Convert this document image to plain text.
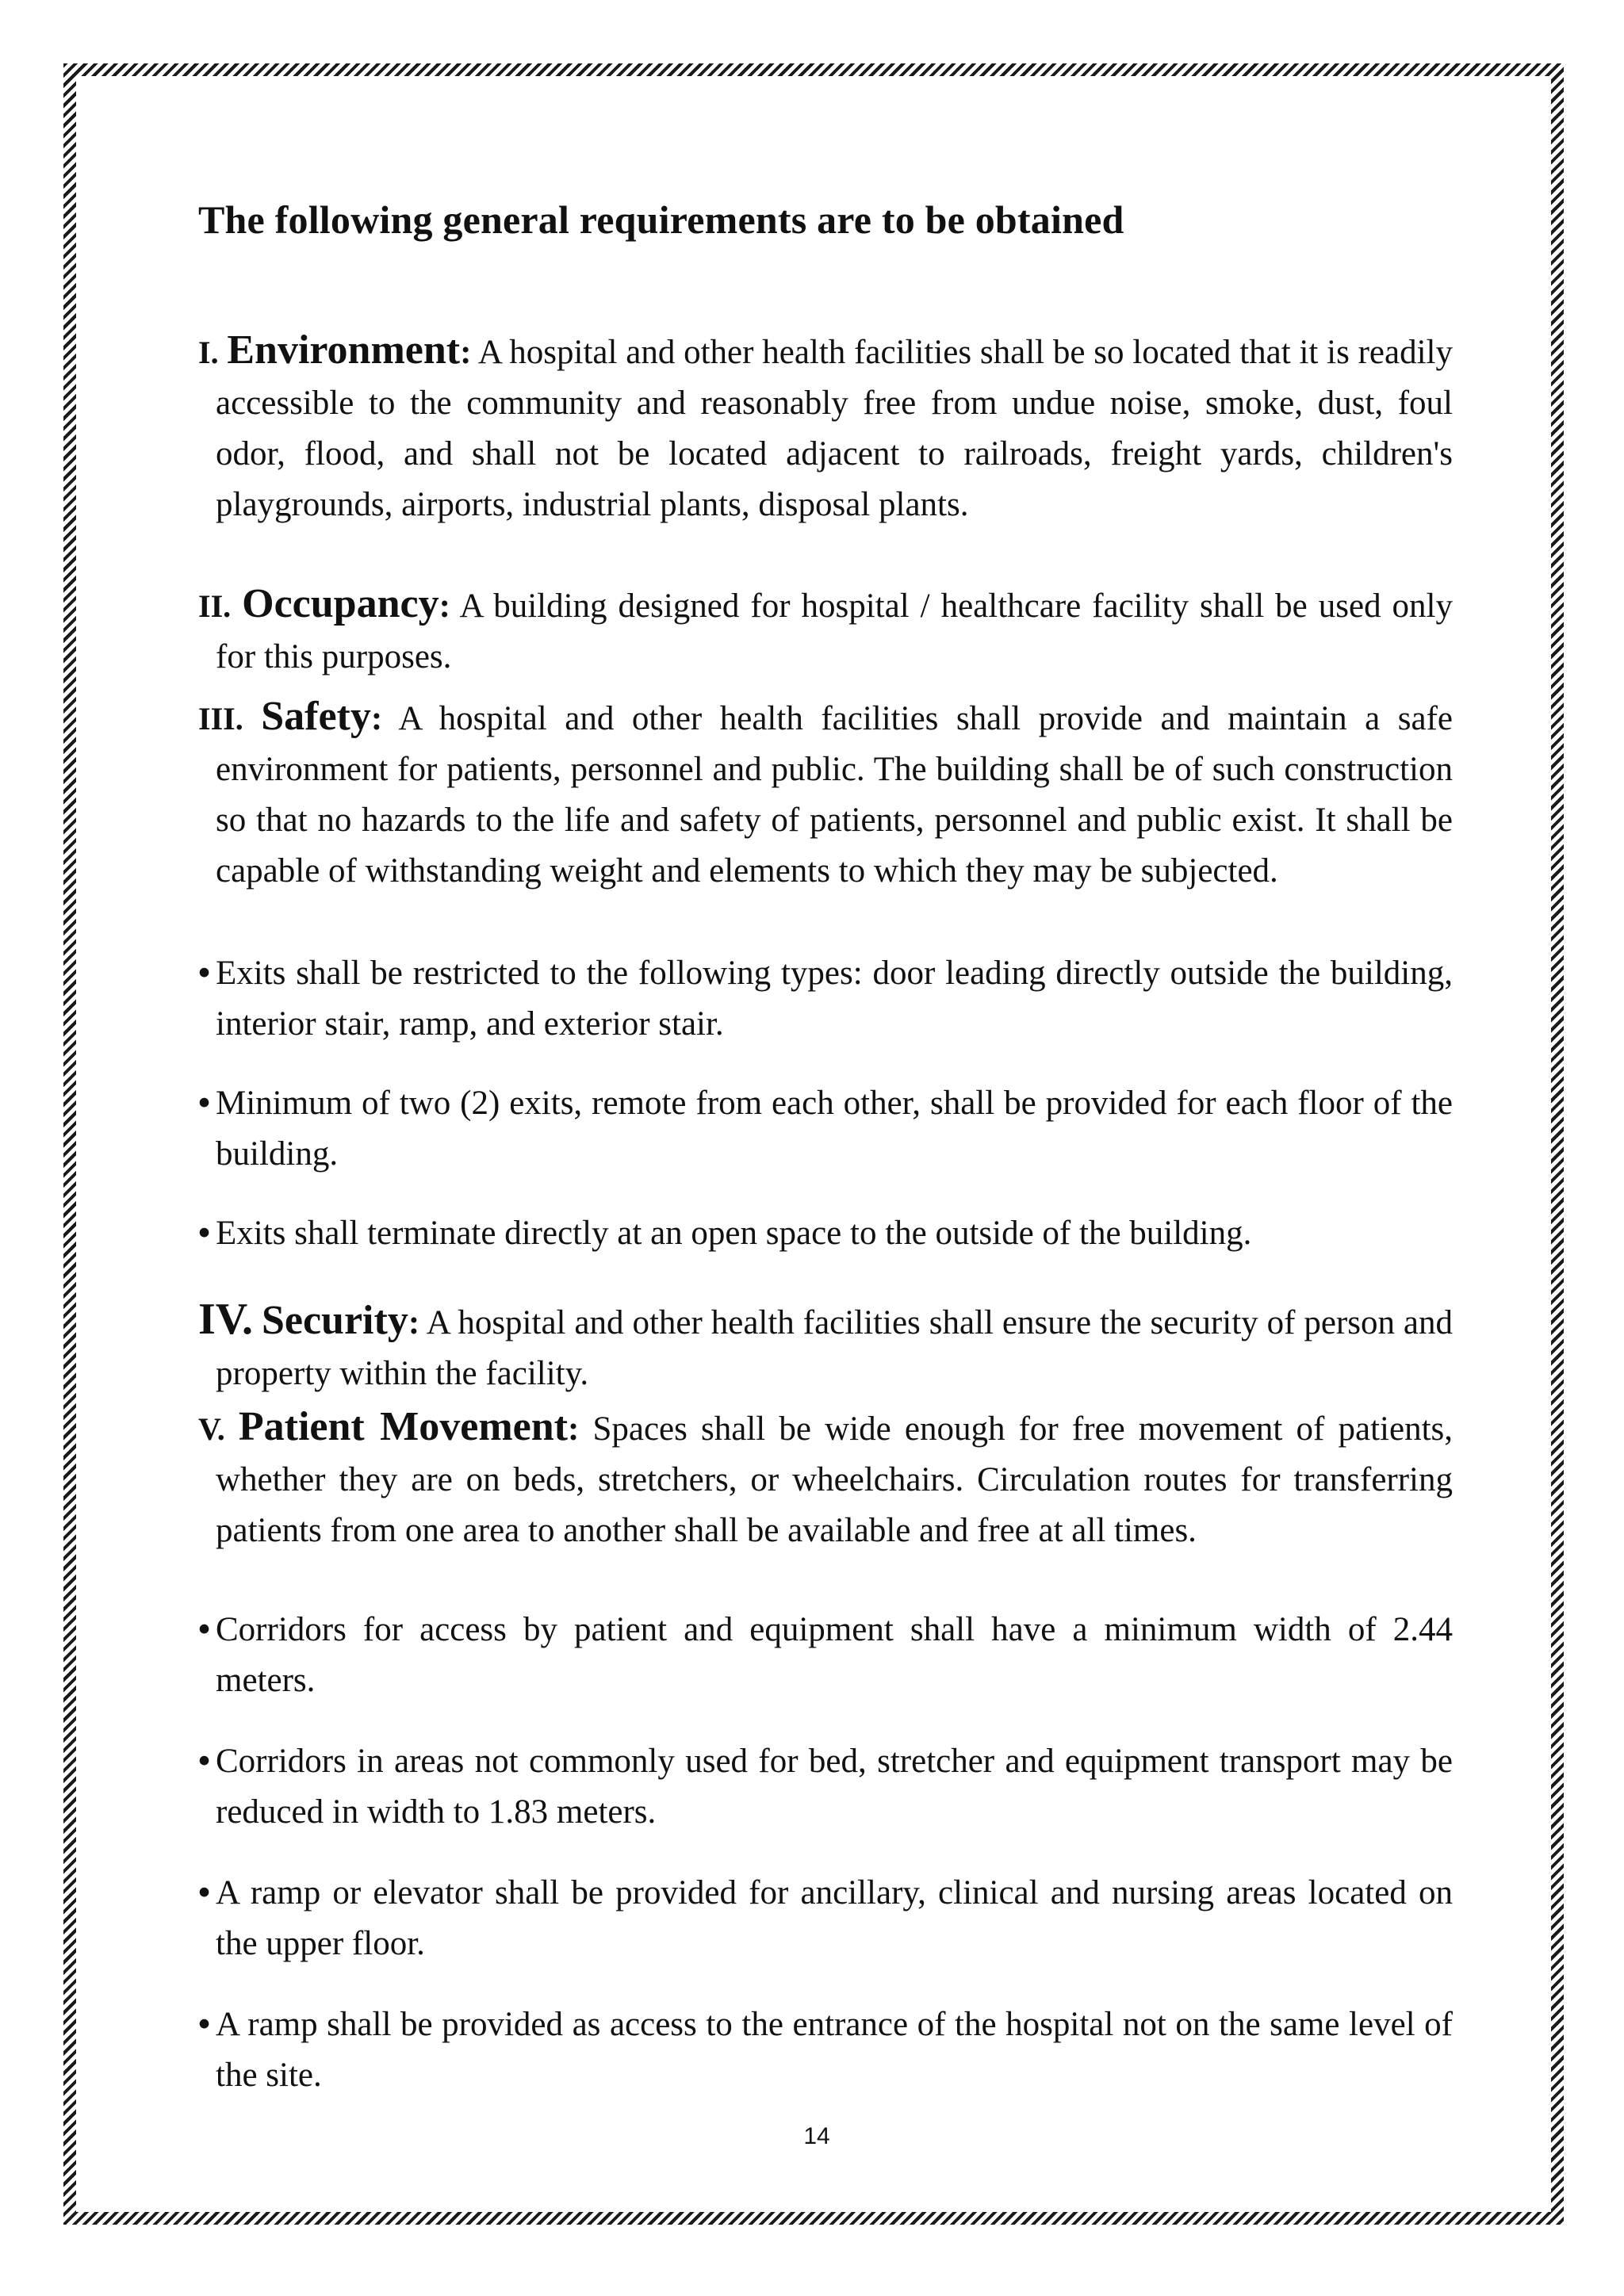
The following general requirements are to be obtained

I. Environment: A hospital and other health facilities shall be so located that it is readily accessible to the community and reasonably free from undue noise, smoke, dust, foul odor, flood, and shall not be located adjacent to railroads, freight yards, children's playgrounds, airports, industrial plants, disposal plants.

II. Occupancy: A building designed for hospital / healthcare facility shall be used only for this purposes.

III. Safety: A hospital and other health facilities shall provide and maintain a safe environment for patients, personnel and public. The building shall be of such construction so that no hazards to the life and safety of patients, personnel and public exist. It shall be capable of withstanding weight and elements to which they may be subjected.

• Exits shall be restricted to the following types: door leading directly outside the building, interior stair, ramp, and exterior stair.

• Minimum of two (2) exits, remote from each other, shall be provided for each floor of the building.

• Exits shall terminate directly at an open space to the outside of the building.

IV. Security: A hospital and other health facilities shall ensure the security of person and property within the facility.

V. Patient Movement: Spaces shall be wide enough for free movement of patients, whether they are on beds, stretchers, or wheelchairs. Circulation routes for transferring patients from one area to another shall be available and free at all times.

• Corridors for access by patient and equipment shall have a minimum width of 2.44 meters.

• Corridors in areas not commonly used for bed, stretcher and equipment transport may be reduced in width to 1.83 meters.

• A ramp or elevator shall be provided for ancillary, clinical and nursing areas located on the upper floor.

• A ramp shall be provided as access to the entrance of the hospital not on the same level of the site.

14
